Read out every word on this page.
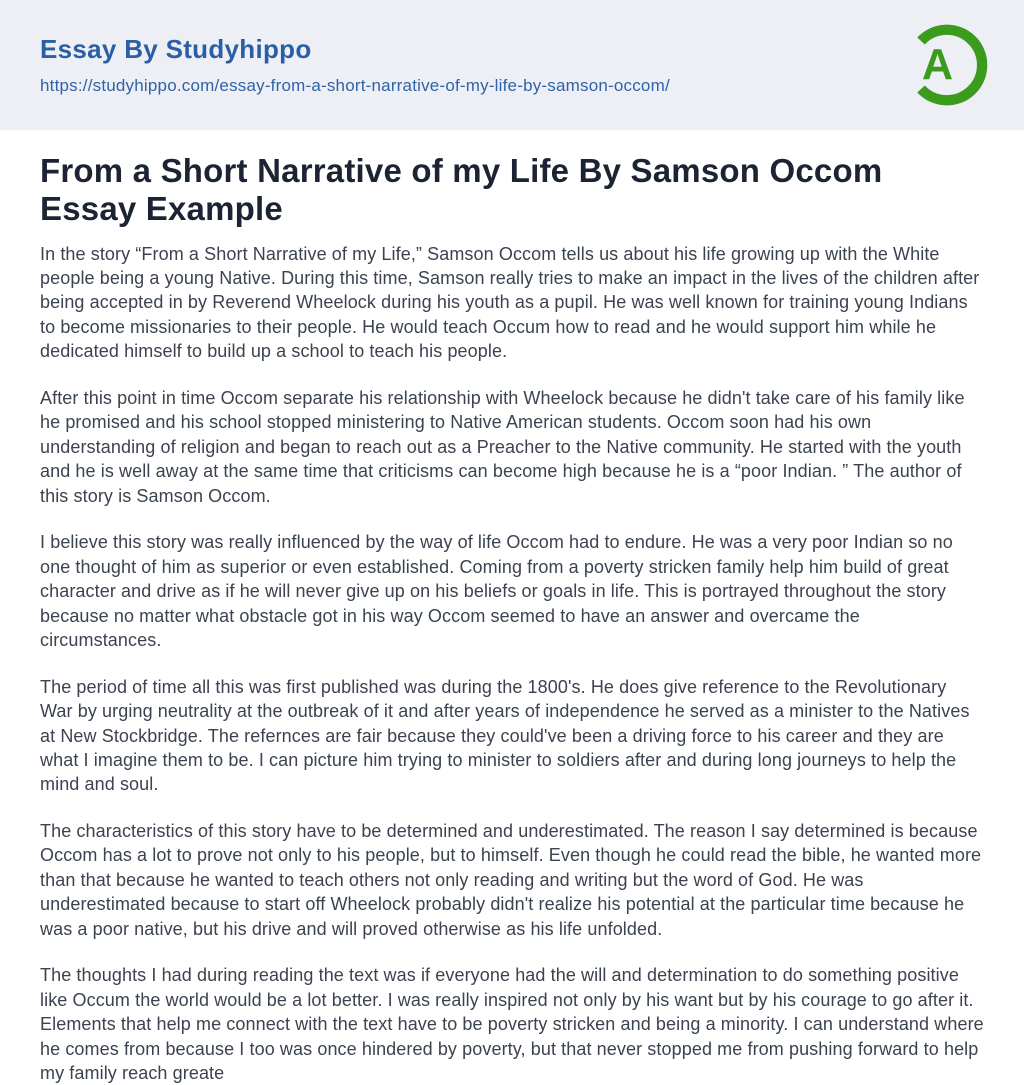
Essay By Studyhippo
https://studyhippo.com/essay-from-a-short-narrative-of-my-life-by-samson-occom/	A
From a Short Narrative of my Life By Samson Occom Essay Example

In the story “From a Short Narrative of my Life,” Samson Occom tells us about his life growing up with the White people being a young Native. During this time, Samson really tries to make an impact in the lives of the children after being accepted in by Reverend Wheelock during his youth as a pupil. He was well known for training young Indians to become missionaries to their people. He would teach Occum how to read and he would support him while he dedicated himself to build up a school to teach his people.

After this point in time Occom separate his relationship with Wheelock because he didn't take care of his family like he promised and his school stopped ministering to Native American students. Occom soon had his own understanding of religion and began to reach out as a Preacher to the Native community. He started with the youth and he is well away at the same time that criticisms can become high because he is a “poor Indian. ” The author of this story is Samson Occom.

I believe this story was really influenced by the way of life Occom had to endure. He was a very poor Indian so no one thought of him as superior or even established. Coming from a poverty stricken family help him build of great character and drive as if he will never give up on his beliefs or goals in life. This is portrayed throughout the story because no matter what obstacle got in his way Occom seemed to have an answer and overcame the circumstances.

The period of time all this was first published was during the 1800's. He does give reference to the Revolutionary War by urging neutrality at the outbreak of it and after years of independence he served as a minister to the Natives at New Stockbridge. The refernces are fair because they could've been a driving force to his career and they are what I imagine them to be. I can picture him trying to minister to soldiers after and during long journeys to help the mind and soul.

The characteristics of this story have to be determined and underestimated. The reason I say determined is because Occom has a lot to prove not only to his people, but to himself. Even though he could read the bible, he wanted more than that because he wanted to teach others not only reading and writing but the word of God. He was underestimated because to start off Wheelock probably didn't realize his potential at the particular time because he was a poor native, but his drive and will proved otherwise as his life unfolded.

The thoughts I had during reading the text was if everyone had the will and determination to do something positive like Occum the world would be a lot better. I was really inspired not only by his want but by his courage to go after it. Elements that help me connect with the text have to be poverty stricken and being a minority. I can understand where he comes from because I too was once hindered by poverty, but that never stopped me from pushing forward to help my family reach greate
